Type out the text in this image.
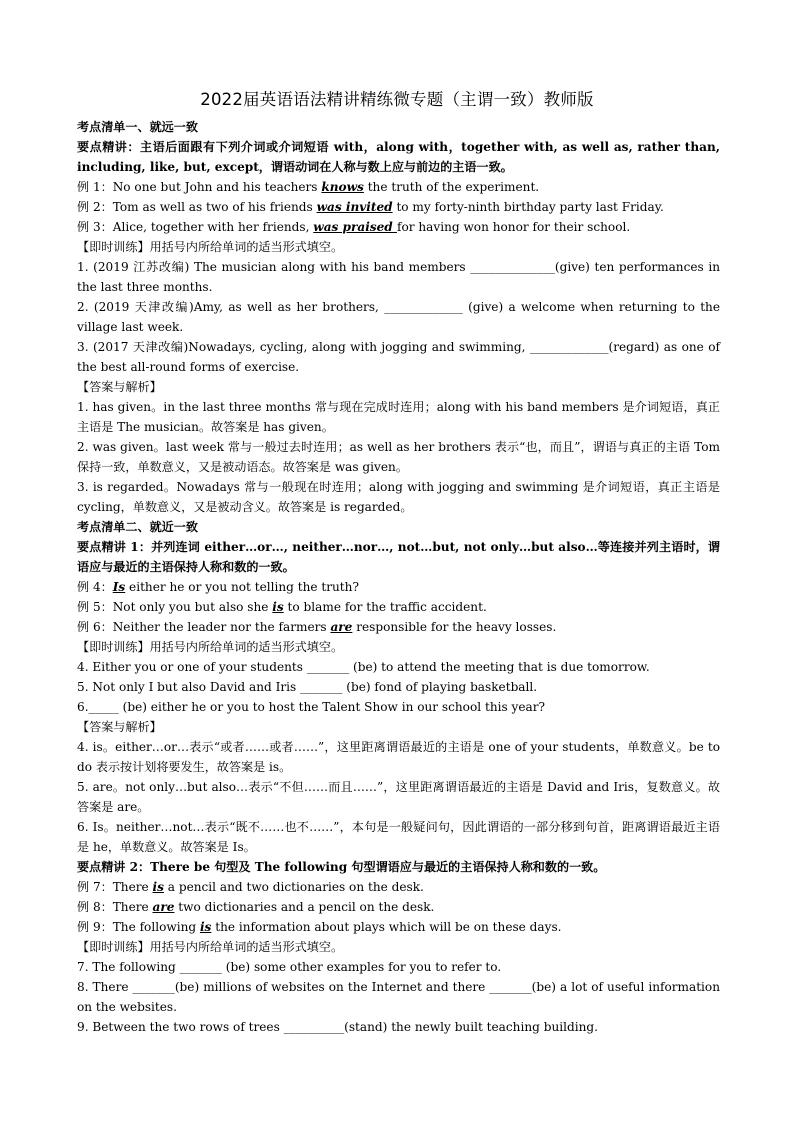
2022届英语语法精讲精练微专题（主谓一致）教师版
考点清单一、就远一致
要点精讲：主语后面跟有下列介词或介词短语 with，along with，together with, as well as, rather than, including, like, but, except，谓语动词在人称与数上应与前边的主语一致。
例 1：No one but John and his teachers knows the truth of the experiment.
例 2：Tom as well as two of his friends was invited to my forty-ninth birthday party last Friday.
例 3：Alice, together with her friends, was praised for having won honor for their school.
【即时训练】用括号内所给单词的适当形式填空。
1. (2019 江苏改编) The musician along with his band members ______________(give) ten performances in the last three months.
2. (2019 天津改编)Amy, as well as her brothers, _____________ (give) a welcome when returning to the village last week.
3. (2017 天津改编)Nowadays, cycling, along with jogging and swimming, _____________(regard) as one of the best all-round forms of exercise.
【答案与解析】
1. has given。in the last three months 常与现在完成时连用；along with his band members 是介词短语，真正主语是 The musician。故答案是 has given。
2. was given。last week 常与一般过去时连用；as well as her brothers 表示“也，而且”，谓语与真正的主语 Tom 保持一致，单数意义，又是被动语态。故答案是 was given。
3. is regarded。Nowadays 常与一般现在时连用；along with jogging and swimming 是介词短语，真正主语是 cycling，单数意义，又是被动含义。故答案是 is regarded。
考点清单二、就近一致
要点精讲 1：并列连词 either…or…, neither…nor…, not…but, not only…but also…等连接并列主语时，谓语应与最近的主语保持人称和数的一致。
例 4：Is either he or you not telling the truth?
例 5：Not only you but also she is to blame for the traffic accident.
例 6：Neither the leader nor the farmers are responsible for the heavy losses.
【即时训练】用括号内所给单词的适当形式填空。
4. Either you or one of your students _______ (be) to attend the meeting that is due tomorrow.
5. Not only I but also David and Iris _______ (be) fond of playing basketball.
6._____ (be) either he or you to host the Talent Show in our school this year?
【答案与解析】
4. is。either…or…表示“或者……或者……”，这里距离谓语最近的主语是 one of your students，单数意义。be to do 表示按计划将要发生，故答案是 is。
5. are。not only…but also…表示“不但……而且……”，这里距离谓语最近的主语是 David and Iris，复数意义。故答案是 are。
6. Is。neither…not…表示“既不……也不……”，本句是一般疑问句，因此谓语的一部分移到句首，距离谓语最近主语是 he，单数意义。故答案是 Is。
要点精讲 2：There be 句型及 The following 句型谓语应与最近的主语保持人称和数的一致。
例 7：There is a pencil and two dictionaries on the desk.
例 8：There are two dictionaries and a pencil on the desk.
例 9：The following is the information about plays which will be on these days.
【即时训练】用括号内所给单词的适当形式填空。
7. The following _______ (be) some other examples for you to refer to.
8. There _______(be) millions of websites on the Internet and there _______(be) a lot of useful information on the websites.
9. Between the two rows of trees __________(stand) the newly built teaching building.
